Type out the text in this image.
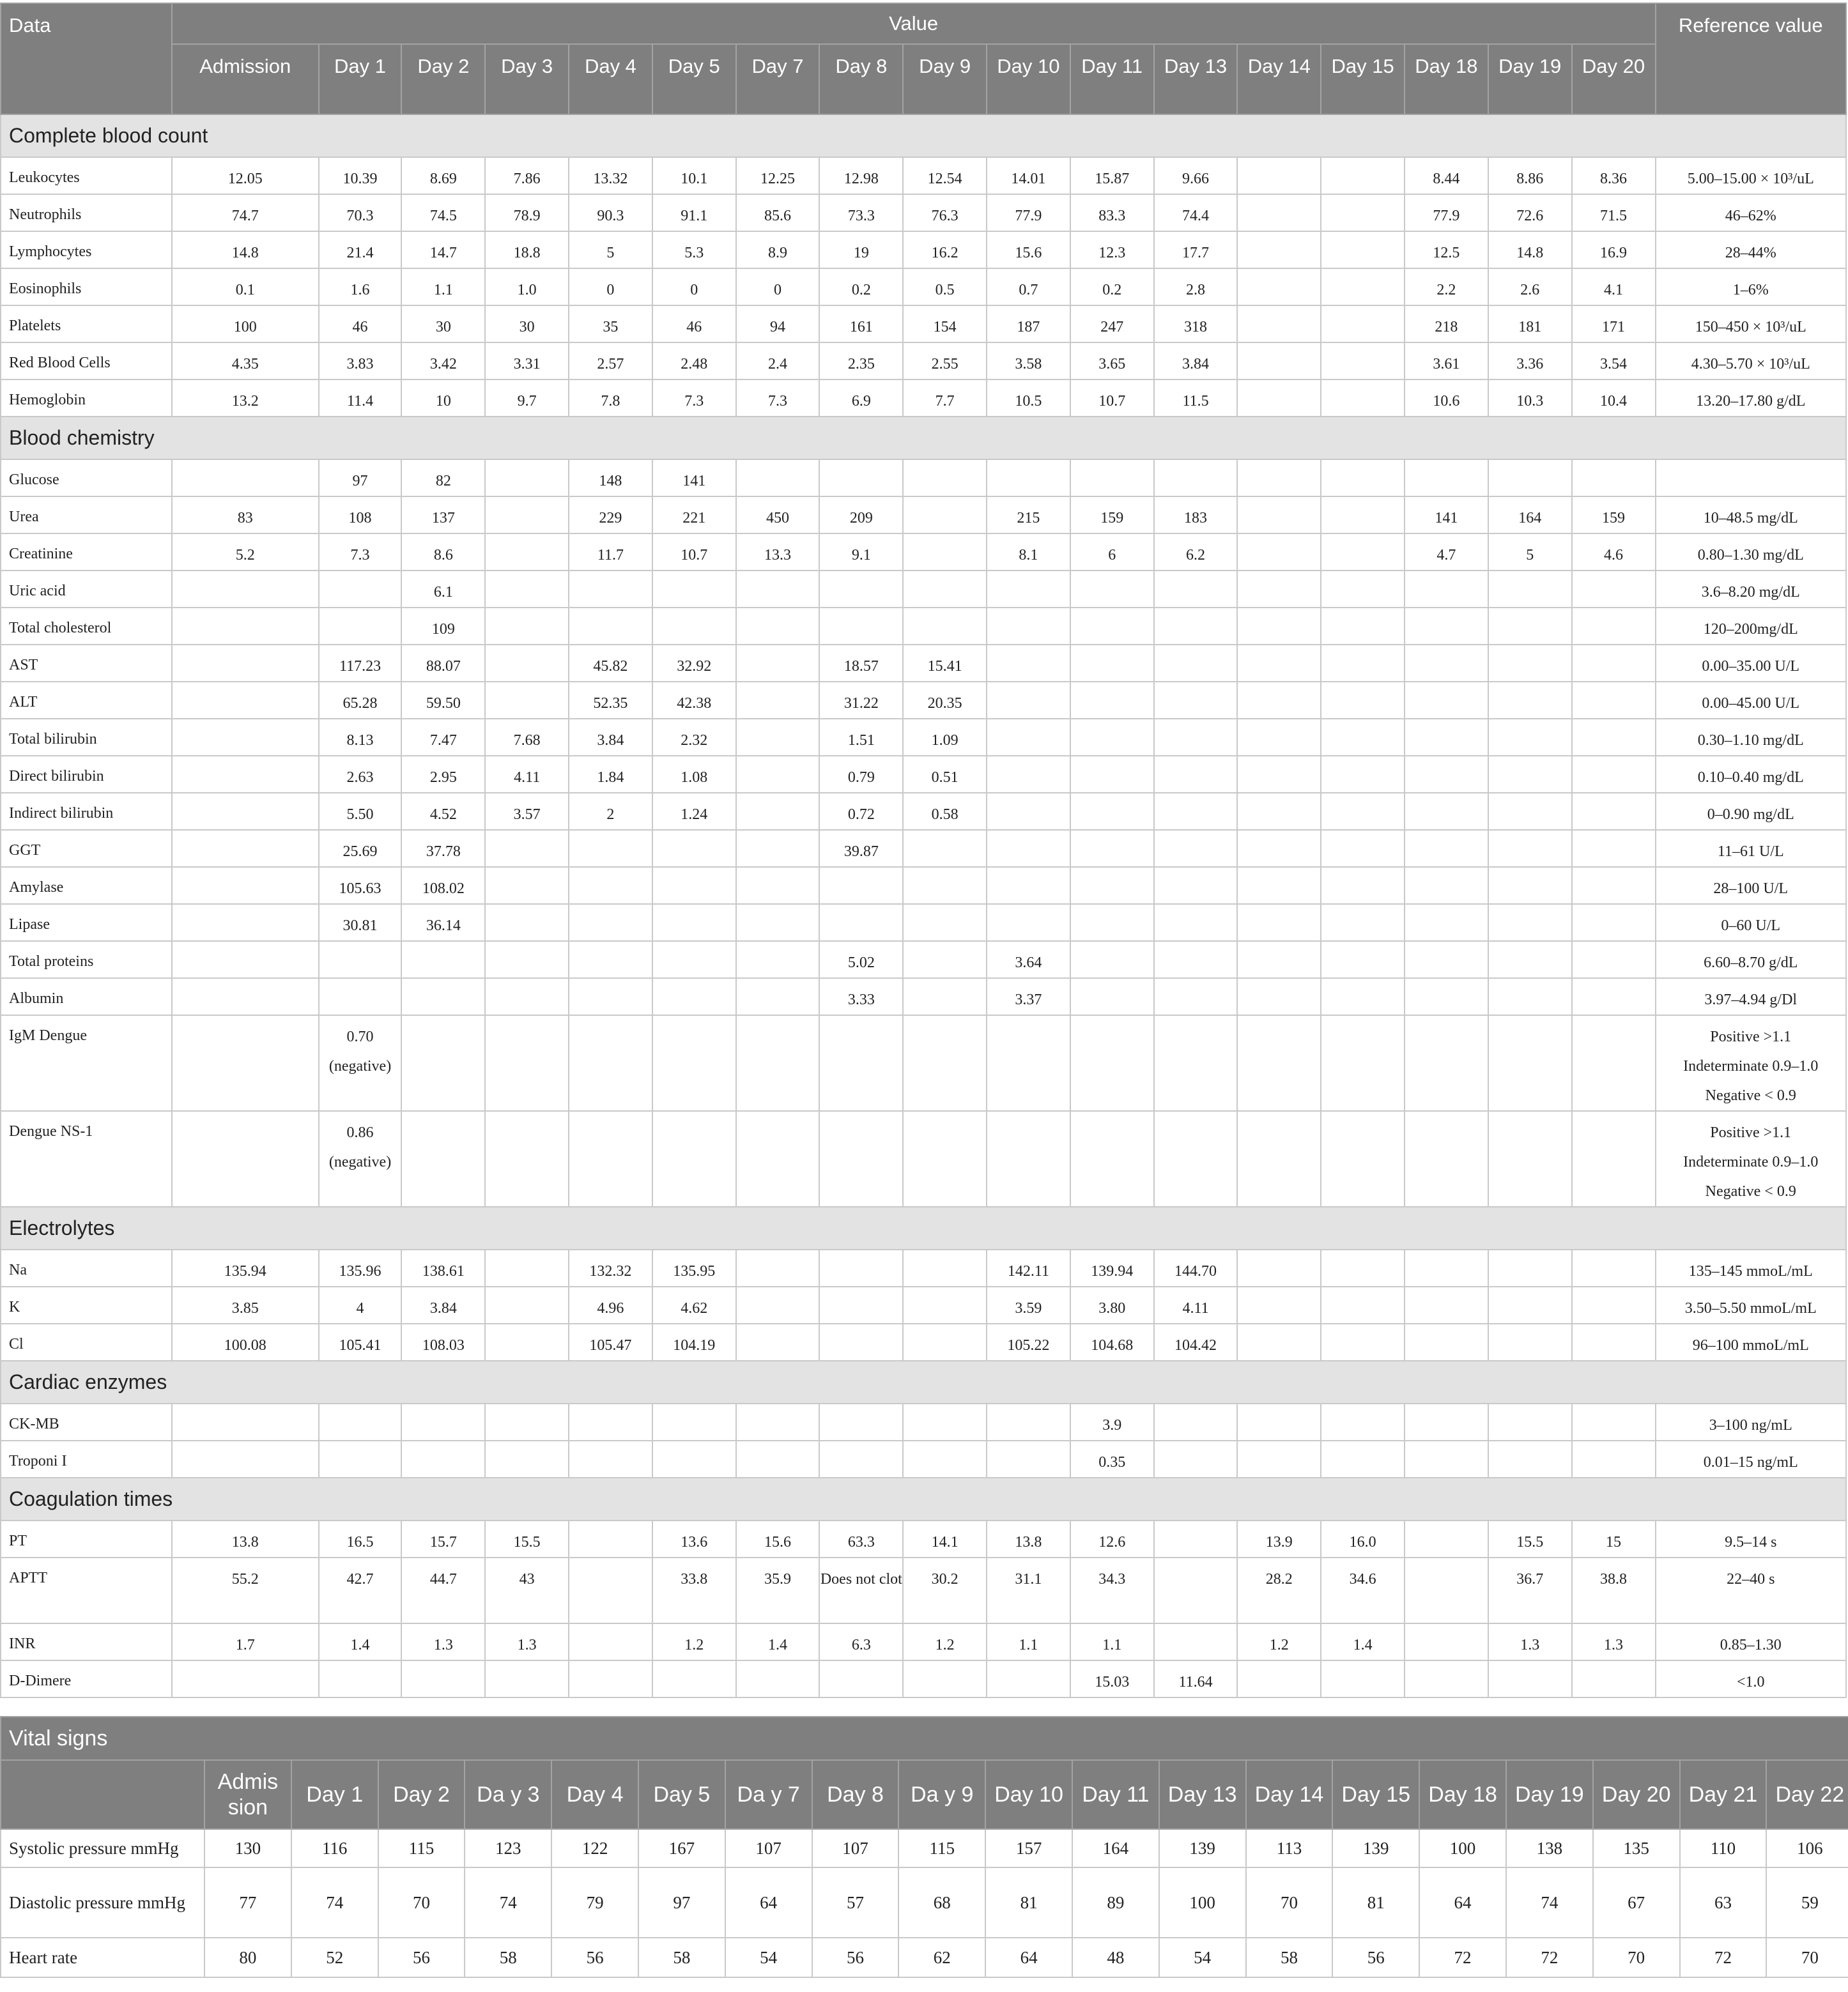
Data	Value																	Reference value
	Admission	Day 1	Day 2	Day 3	Day 4	Day 5	Day 7	Day 8	Day 9	Day 10	Day 11	Day 13	Day 14	Day 15	Day 18	Day 19	Day 20	
Complete blood count																		
Leukocytes	12.05	10.39	8.69	7.86	13.32	10.1	12.25	12.98	12.54	14.01	15.87	9.66			8.44	8.86	8.36	5.00–15.00 × 10³/uL

Neutrophils	74.7	70.3	74.5	78.9	90.3	91.1	85.6	73.3	76.3	77.9	83.3	74.4			77.9	72.6	71.5	46–62%

Lymphocytes	14.8	21.4	14.7	18.8	5	5.3	8.9	19	16.2	15.6	12.3	17.7			12.5	14.8	16.9	28–44%

Eosinophils	0.1	1.6	1.1	1.0	0	0	0	0.2	0.5	0.7	0.2	2.8			2.2	2.6	4.1	1–6%

Platelets	100	46	30	30	35	46	94	161	154	187	247	318			218	181	171	150–450 × 10³/uL

Red Blood Cells	4.35	3.83	3.42	3.31	2.57	2.48	2.4	2.35	2.55	3.58	3.65	3.84			3.61	3.36	3.54	4.30–5.70 × 10³/uL

Hemoglobin	13.2	11.4	10	9.7	7.8	7.3	7.3	6.9	7.7	10.5	10.7	11.5			10.6	10.3	10.4	13.20–17.80 g/dL

Blood chemistry																		
Glucose		97	82		148	141												

Urea	83	108	137		229	221	450	209		215	159	183			141	164	159	10–48.5 mg/dL

Creatinine	5.2	7.3	8.6		11.7	10.7	13.3	9.1		8.1	6	6.2			4.7	5	4.6	0.80–1.30 mg/dL

Uric acid			6.1															3.6–8.20 mg/dL

Total cholesterol			109															120–200mg/dL

AST		117.23	88.07		45.82	32.92		18.57	15.41									0.00–35.00 U/L

ALT		65.28	59.50		52.35	42.38		31.22	20.35									0.00–45.00 U/L

Total bilirubin		8.13	7.47	7.68	3.84	2.32		1.51	1.09									0.30–1.10 mg/dL

Direct bilirubin		2.63	2.95	4.11	1.84	1.08		0.79	0.51									0.10–0.40 mg/dL

Indirect bilirubin		5.50	4.52	3.57	2	1.24		0.72	0.58									0–0.90 mg/dL

GGT		25.69	37.78					39.87										11–61 U/L

Amylase		105.63	108.02															28–100 U/L

Lipase		30.81	36.14															0–60 U/L

Total proteins								5.02		3.64								6.60–8.70 g/dL

Albumin								3.33		3.37								3.97–4.94 g/Dl

IgM Dengue		0.70 (negative)																Positive >1.1
Indeterminate 0.9–1.0
Negative < 0.9

Dengue NS-1		0.86 (negative)																Positive >1.1
Indeterminate 0.9–1.0
Negative < 0.9

Electrolytes																		
Na	135.94	135.96	138.61		132.32	135.95				142.11	139.94	144.70						135–145 mmoL/mL

K	3.85	4	3.84		4.96	4.62				3.59	3.80	4.11						3.50–5.50 mmoL/mL

Cl	100.08	105.41	108.03		105.47	104.19				105.22	104.68	104.42						96–100 mmoL/mL

Cardiac enzymes																		
CK-MB											3.9							3–100 ng/mL

Troponi I											0.35							0.01–15 ng/mL

Coagulation times																		
PT	13.8	16.5	15.7	15.5		13.6	15.6	63.3	14.1	13.8	12.6		13.9	16.0		15.5	15	9.5–14 s

APTT	55.2	42.7	44.7	43		33.8	35.9	Does not clot	30.2	31.1	34.3		28.2	34.6		36.7	38.8	22–40 s

INR	1.7	1.4	1.3	1.3		1.2	1.4	6.3	1.2	1.1	1.1		1.2	1.4		1.3	1.3	0.85–1.30

D-Dimere											15.03	11.64						<1.0
Vital signs																			
	Admis sion	Day 1	Day 2	Da y 3	Day 4	Day 5	Da y 7	Day 8	Da y 9	Day 10	Day 11	Day 13	Day 14	Day 15	Day 18	Day 19	Day 20	Day 21	Day 22
Systolic pressure mmHg	130	116	115	123	122	167	107	107	115	157	164	139	113	139	100	138	135	110	106
Diastolic pressure mmHg	77	74	70	74	79	97	64	57	68	81	89	100	70	81	64	74	67	63	59
Heart rate	80	52	56	58	56	58	54	56	62	64	48	54	58	56	72	72	70	72	70
